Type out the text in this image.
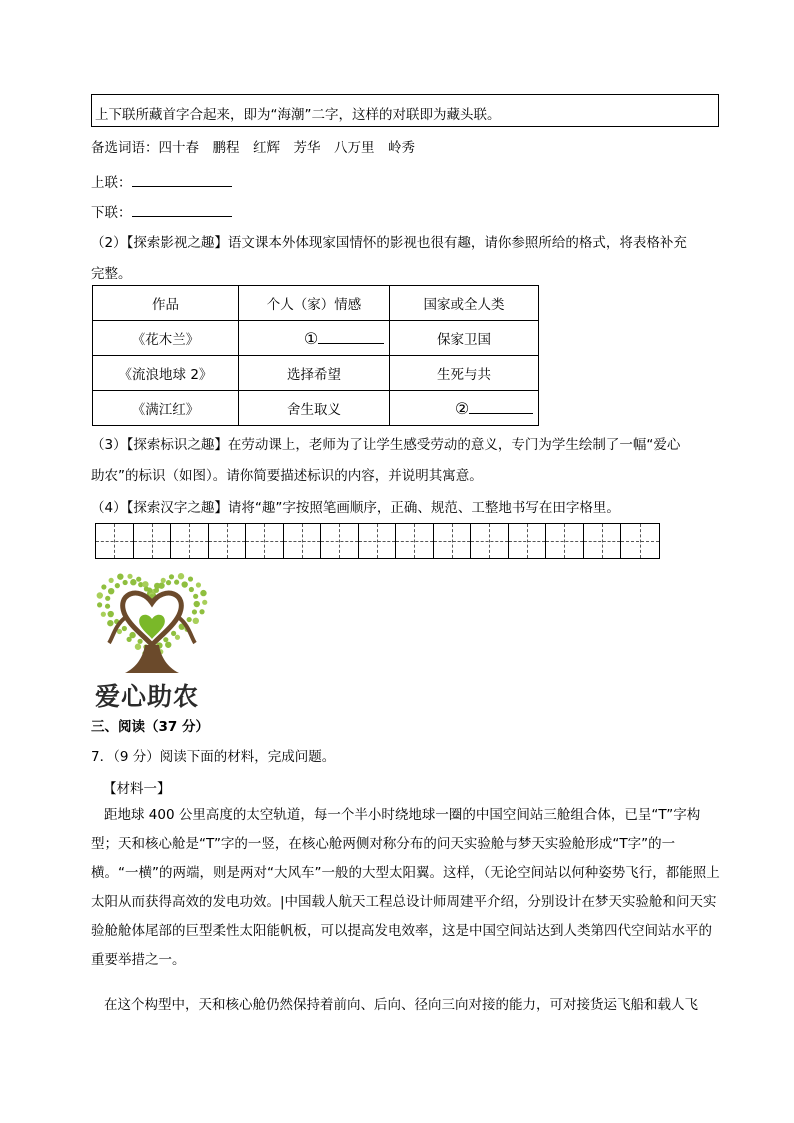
上下联所藏首字合起来，即为“海潮”二字，这样的对联即为藏头联。
备选词语：四十春　鹏程　红辉　芳华　八万里　岭秀
上联：
下联：
（2）【探索影视之趣】语文课本外体现家国情怀的影视也很有趣，请你参照所给的格式，将表格补充
完整。
作品	个人（家）情感	国家或全人类
《花木兰》	①	保家卫国
《流浪地球 2》	选择希望	生死与共
《满江红》	舍生取义	②
（3）【探索标识之趣】在劳动课上，老师为了让学生感受劳动的意义，专门为学生绘制了一幅“爱心
助农”的标识（如图）。请你简要描述标识的内容，并说明其寓意。
（4）【探索汉字之趣】请将“趣”字按照笔画顺序，正确、规范、工整地书写在田字格里。
爱心助农
三、阅读（37 分）
7．（9 分）阅读下面的材料，完成问题。
【材料一】
距地球 400 公里高度的太空轨道，每一个半小时绕地球一圈的中国空间站三舱组合体，已呈“T”字构型；天和核心舱是“T”字的一竖，在核心舱两侧对称分布的问天实验舱与梦天实验舱形成“T字”的一横。“一横”的两端，则是两对“大风车”一般的大型太阳翼。这样，（无论空间站以何种姿势飞行，都能照上太阳从而获得高效的发电功效。|中国载人航天工程总设计师周建平介绍，分别设计在梦天实验舱和问天实验舱舱体尾部的巨型柔性太阳能帆板，可以提高发电效率，这是中国空间站达到人类第四代空间站水平的重要举措之一。
在这个构型中，天和核心舱仍然保持着前向、后向、径向三向对接的能力，可对接货运飞船和载人飞
